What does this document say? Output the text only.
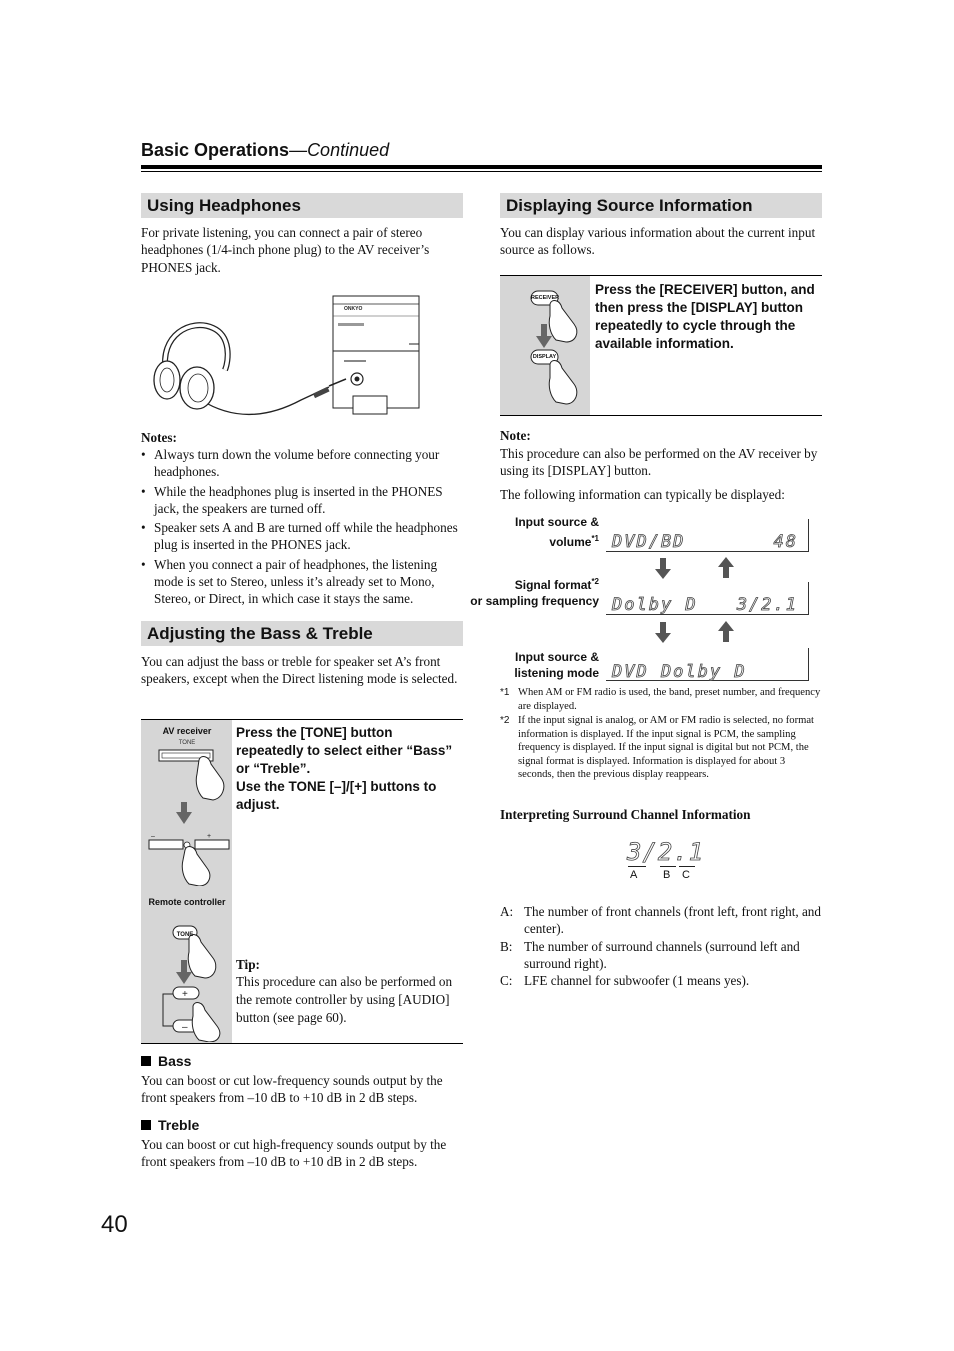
Basic Operations—Continued
Using Headphones
For private listening, you can connect a pair of stereo headphones (1/4-inch phone plug) to the AV receiver’s PHONES jack.
ONKYO
Notes:
• Always turn down the volume before connecting your headphones.
• While the headphones plug is inserted in the PHONES jack, the speakers are turned off.
• Speaker sets A and B are turned off while the headphones plug is inserted in the PHONES jack.
• When you connect a pair of headphones, the listening mode is set to Stereo, unless it’s already set to Mono, Stereo, or Direct, in which case it stays the same.
Adjusting the Bass & Treble
You can adjust the bass or treble for speaker set A’s front speakers, except when the Direct listening mode is selected.
AV receiver
TONE
–	+
Remote controller
+
–
TONE
Press the [TONE] button repeatedly to select either “Bass” or “Treble”.
Use the TONE [–]/[+] buttons to adjust.
Tip:
This procedure can also be performed on the remote controller by using [AUDIO] button (see page 60).
Bass
You can boost or cut low-frequency sounds output by the front speakers from –10 dB to +10 dB in 2 dB steps.
Treble
You can boost or cut high-frequency sounds output by the front speakers from –10 dB to +10 dB in 2 dB steps.
Displaying Source Information
You can display various information about the current input source as follows.
RECEIVER
DISPLAY
Press the [RECEIVER] button, and then press the [DISPLAY] button repeatedly to cycle through the available information.
Note:
This procedure can also be performed on the AV receiver by using its [DISPLAY] button.
The following information can typically be displayed:
Input source & volume$^{*1}$ DVD/BD	48
Signal format$^{*2}$
or sampling frequency Dolby D 3/2.1
Input source &
listening mode DVD Dolby D
*1 When AM or FM radio is used, the band, preset number, and frequency are displayed.
*2 If the input signal is analog, or AM or FM radio is selected, no format information is displayed. If the input signal is PCM, the sampling frequency is displayed. If the input signal is digital but not PCM, the signal format is displayed. Information is displayed for about 3 seconds, then the previous display reappears.
Interpreting Surround Channel Information
3/2.1
A B C
A: The number of front channels (front left, front right, and center).
B: The number of surround channels (surround left and surround right).
C: LFE channel for subwoofer (1 means yes).
40
